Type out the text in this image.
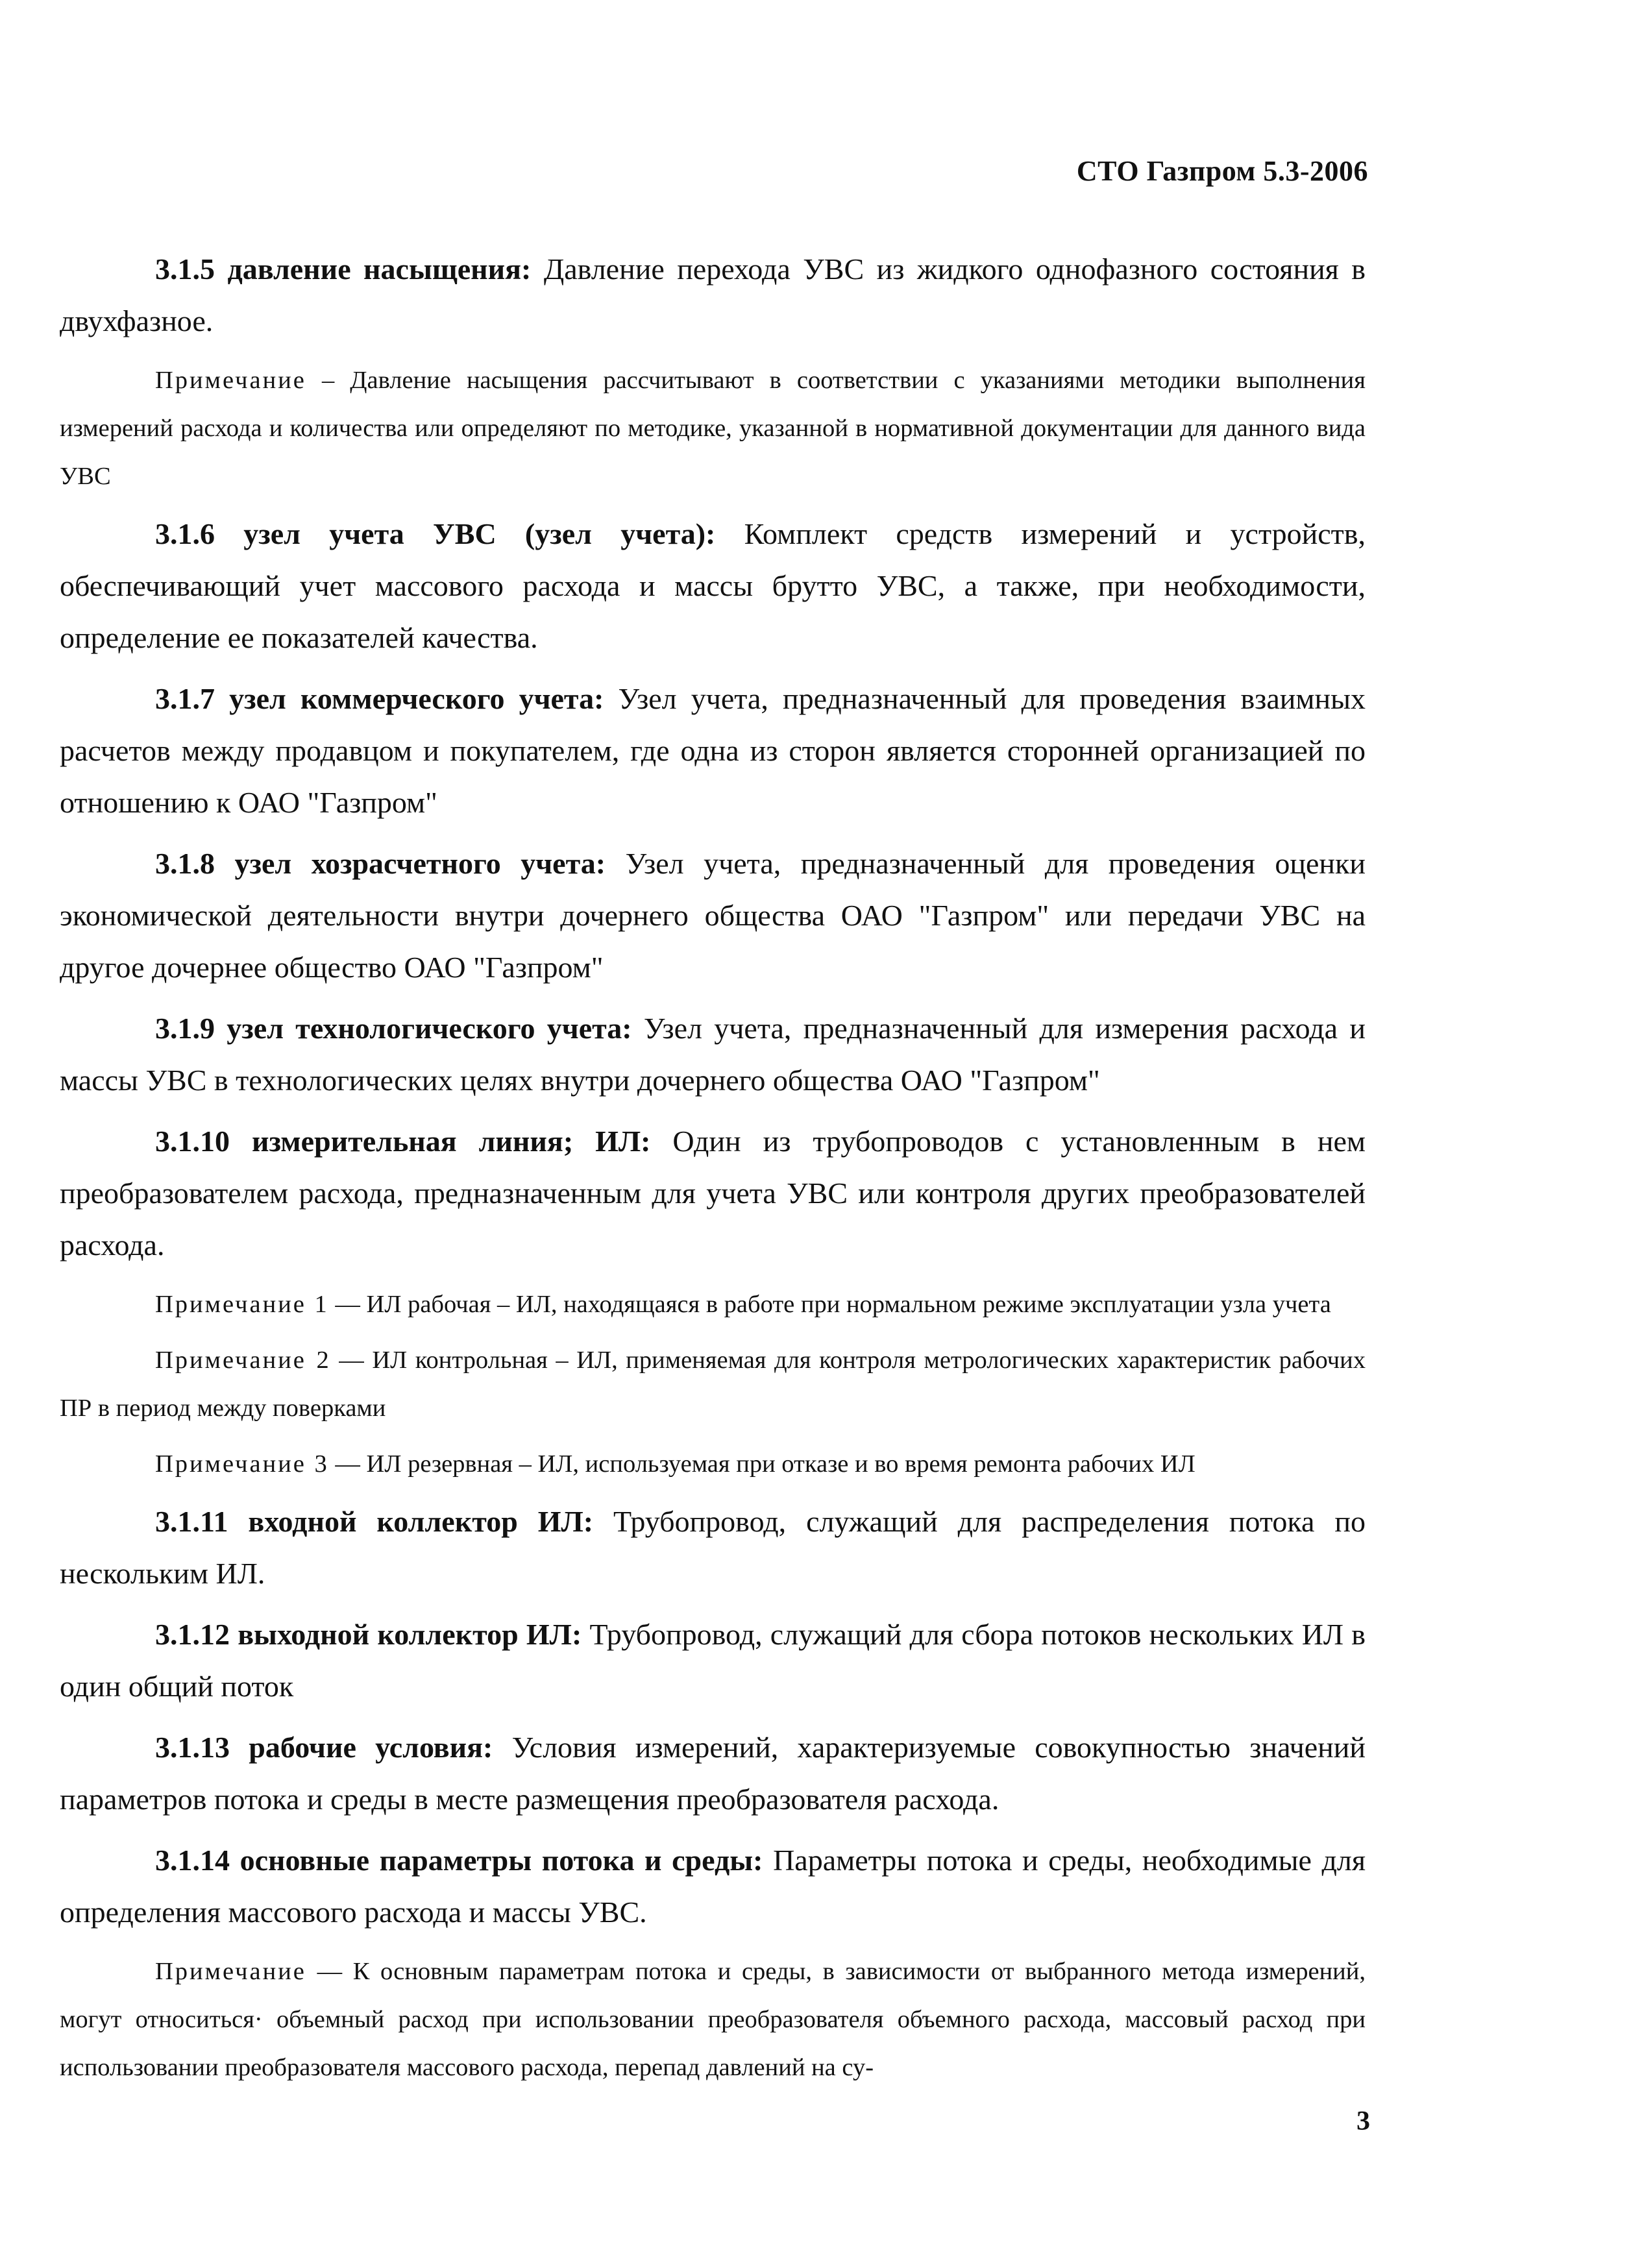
СТО Газпром 5.3-2006

3.1.5 давление насыщения: Давление перехода УВС из жидкого однофазного состояния в двухфазное.

Примечание – Давление насыщения рассчитывают в соответствии с указаниями методики выполнения измерений расхода и количества или определяют по методике, указанной в нормативной документации для данного вида УВС

3.1.6 узел учета УВС (узел учета): Комплект средств измерений и устройств, обеспечивающий учет массового расхода и массы брутто УВС, а также, при необходимости, определение ее показателей качества.

3.1.7 узел коммерческого учета: Узел учета, предназначенный для проведения взаимных расчетов между продавцом и покупателем, где одна из сторон является сторонней организацией по отношению к ОАО "Газпром"

3.1.8 узел хозрасчетного учета: Узел учета, предназначенный для проведения оценки экономической деятельности внутри дочернего общества ОАО "Газпром" или передачи УВС на другое дочернее общество ОАО "Газпром"

3.1.9 узел технологического учета: Узел учета, предназначенный для измерения расхода и массы УВС в технологических целях внутри дочернего общества ОАО "Газпром"

3.1.10 измерительная линия; ИЛ: Один из трубопроводов с установленным в нем преобразователем расхода, предназначенным для учета УВС или контроля других преобразователей расхода.

Примечание 1 — ИЛ рабочая – ИЛ, находящаяся в работе при нормальном режиме эксплуатации узла учета

Примечание 2 — ИЛ контрольная – ИЛ, применяемая для контроля метрологических характеристик рабочих ПР в период между поверками

Примечание 3 — ИЛ резервная – ИЛ, используемая при отказе и во время ремонта рабочих ИЛ

3.1.11 входной коллектор ИЛ: Трубопровод, служащий для распределения потока по нескольким ИЛ.

3.1.12 выходной коллектор ИЛ: Трубопровод, служащий для сбора потоков нескольких ИЛ в один общий поток

3.1.13 рабочие условия: Условия измерений, характеризуемые совокупностью значений параметров потока и среды в месте размещения преобразователя расхода.

3.1.14 основные параметры потока и среды: Параметры потока и среды, необходимые для определения массового расхода и массы УВС.

Примечание — К основным параметрам потока и среды, в зависимости от выбранного метода измерений, могут относиться· объемный расход при использовании преобразователя объемного расхода, массовый расход при использовании преобразователя массового расхода, перепад давлений на су-

3
